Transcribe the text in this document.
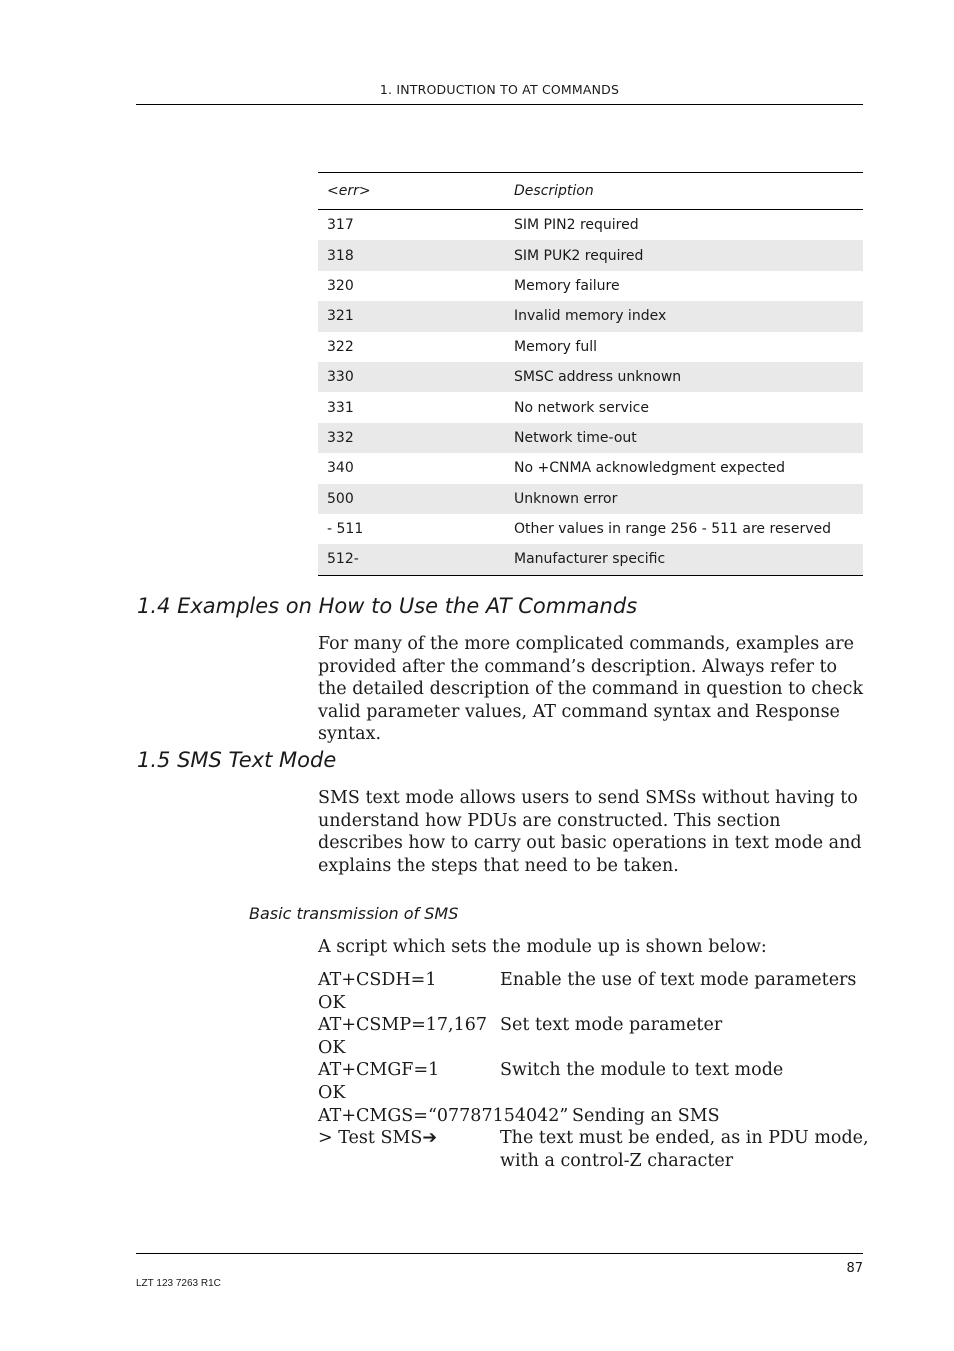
1. INTRODUCTION TO AT COMMANDS
<err>	Description
317	SIM PIN2 required
318	SIM PUK2 required
320	Memory failure
321	Invalid memory index
322	Memory full
330	SMSC address unknown
331	No network service
332	Network time-out
340	No +CNMA acknowledgment expected
500	Unknown error
- 511	Other values in range 256 - 511 are reserved
512-	Manufacturer specific
1.4 Examples on How to Use the AT Commands

For many of the more complicated commands, examples are provided after the command’s description. Always refer to the detailed description of the command in question to check valid parameter values, AT command syntax and Response syntax.

1.5 SMS Text Mode

SMS text mode allows users to send SMSs without having to understand how PDUs are constructed. This section describes how to carry out basic operations in text mode and explains the steps that need to be taken.

Basic transmission of SMS

A script which sets the module up is shown below:

AT+CSDH=1	Enable the use of text mode parameters
OK
AT+CSMP=17,167 Set text mode parameter
OK
AT+CMGF=1	Switch the module to text mode
OK
AT+CMGS=“07787154042” Sending an SMS
> Test SMS➔	The text must be ended, as in PDU mode, with a control-Z character
87
LZT 123 7263 R1C
